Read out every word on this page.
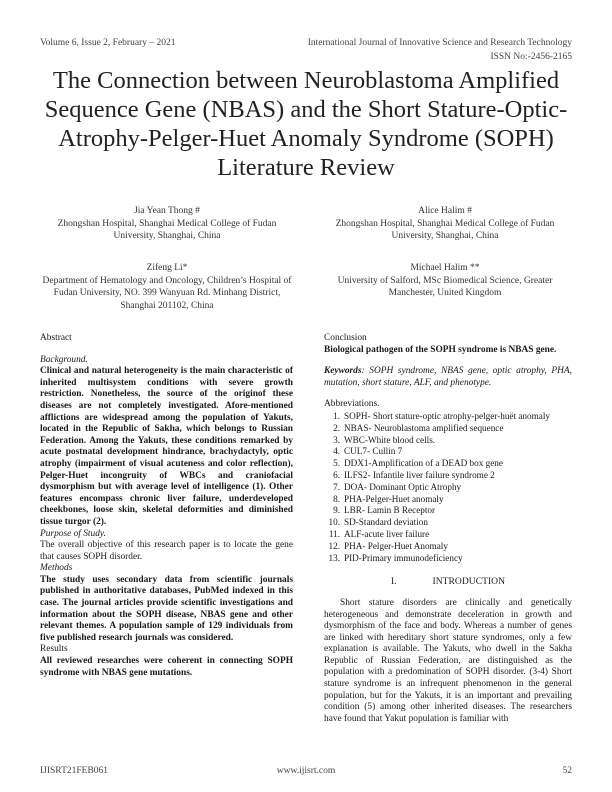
Volume 6, Issue 2, February – 2021	International Journal of Innovative Science and Research Technology
ISSN No:-2456-2165
The Connection between Neuroblastoma Amplified Sequence Gene (NBAS) and the Short Stature-Optic-Atrophy-Pelger-Huet Anomaly Syndrome (SOPH) Literature Review
Jia Yean Thong #
Zhongshan Hospital, Shanghai Medical College of Fudan University, Shanghai, China
Alice Halim #
Zhongshan Hospital, Shanghai Medical College of Fudan University, Shanghai, China
Zifeng Li*
Department of Hematology and Oncology, Children’s Hospital of Fudan University, NO. 399 Wanyuan Rd. Minhang District, Shanghai 201102, China
Michael Halim **
University of Salford, MSc Biomedical Science, Greater Manchester, United Kingdom
Abstract
Background.
Clinical and natural heterogeneity is the main characteristic of inherited multisystem conditions with severe growth restriction. Nonetheless, the source of the originof these diseases are not completely investigated. Afore-mentioned afflictions are widespread among the population of Yakuts, located in the Republic of Sakha, which belongs to Russian Federation. Among the Yakuts, these conditions remarked by acute postnatal development hindrance, brachydactyly, optic atrophy (impairment of visual acuteness and color reflection), Pelger-Huet incongruity of WBCs and craniofacial dysmorphism but with average level of intelligence (1). Other features encompass chronic liver failure, underdeveloped cheekbones, loose skin, skeletal deformities and diminished tissue turgor (2).
Purpose of Study.
The overall objective of this research paper is to locate the gene that causes SOPH disorder.
Methods
The study uses secondary data from scientific journals published in authoritative databases, PubMed indexed in this case. The journal articles provide scientific investigations and information about the SOPH disease, NBAS gene and other relevant themes. A population sample of 129 individuals from five published research journals was considered.
Results
All reviewed researches were coherent in connecting SOPH syndrome with NBAS gene mutations.
Conclusion
Biological pathogen of the SOPH syndrome is NBAS gene.
Keywords: SOPH syndrome, NBAS gene, optic atrophy, PHA, mutation, short stature, ALF, and phenotype.
Abbreviations.
1. SOPH- Short stature-optic atrophy-pelger-huët anomaly
2. NBAS- Neuroblastoma amplified sequence
3. WBC-White blood cells.
4. CUL7- Cullin 7
5. DDX1-Amplification of a DEAD box gene
6. ILFS2- Infantile liver failure syndrome 2
7. DOA- Dominant Optic Atrophy
8. PHA-Pelger-Huet anomaly
9. LBR- Lamin B Receptor
10. SD-Standard deviation
11. ALF-acute liver failure
12. PHA- Pelger-Huet Anomaly
13. PID-Primary immunodeficiency
I.	INTRODUCTION
Short stature disorders are clinically and genetically heterogeneous and demonstrate deceleration in growth and dysmorphism of the face and body. Whereas a number of genes are linked with hereditary short stature syndromes, only a few explanation is available. The Yakuts, who dwell in the Sakha Republic of Russian Federation, are distinguished as the population with a predomination of SOPH disorder. (3-4) Short stature syndrome is an infrequent phenomenon in the general population, but for the Yakuts, it is an important and prevailing condition (5) among other inherited diseases. The researchers have found that Yakut population is familiar with
IJISRT21FEB061	www.ijisrt.com	52
